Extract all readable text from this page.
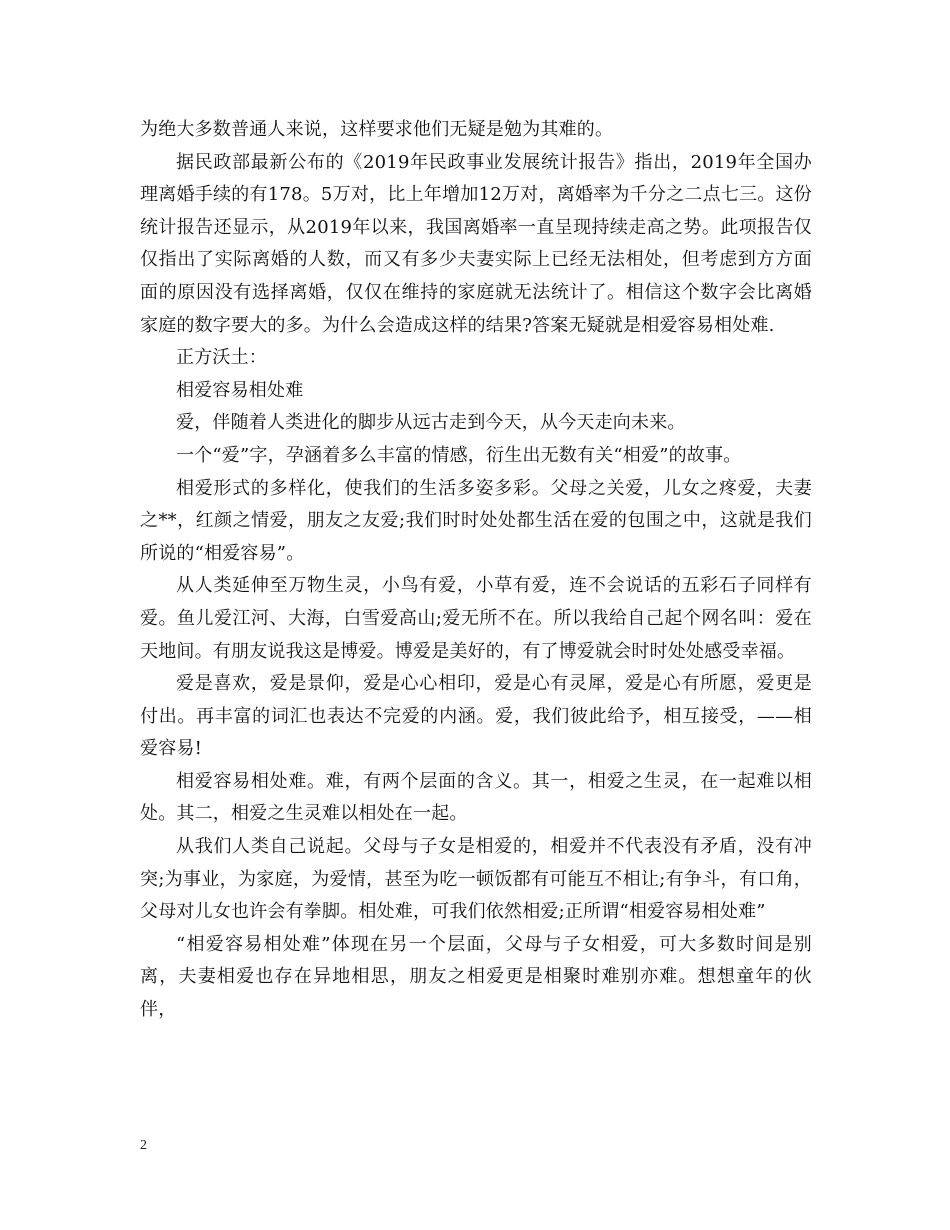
为绝大多数普通人来说，这样要求他们无疑是勉为其难的。

据民政部最新公布的《2019年民政事业发展统计报告》指出，2019年全国办理离婚手续的有178。5万对，比上年增加12万对，离婚率为千分之二点七三。这份统计报告还显示，从2019年以来，我国离婚率一直呈现持续走高之势。此项报告仅仅指出了实际离婚的人数，而又有多少夫妻实际上已经无法相处，但考虑到方方面面的原因没有选择离婚，仅仅在维持的家庭就无法统计了。相信这个数字会比离婚家庭的数字要大的多。为什么会造成这样的结果?答案无疑就是相爱容易相处难.

正方沃土：

相爱容易相处难

爱，伴随着人类进化的脚步从远古走到今天，从今天走向未来。

一个“爱”字，孕涵着多么丰富的情感，衍生出无数有关“相爱”的故事。

相爱形式的多样化，使我们的生活多姿多彩。父母之关爱，儿女之疼爱，夫妻之**，红颜之情爱，朋友之友爱;我们时时处处都生活在爱的包围之中，这就是我们所说的“相爱容易”。

从人类延伸至万物生灵，小鸟有爱，小草有爱，连不会说话的五彩石子同样有爱。鱼儿爱江河、大海，白雪爱高山;爱无所不在。所以我给自己起个网名叫：爱在天地间。有朋友说我这是博爱。博爱是美好的，有了博爱就会时时处处感受幸福。

爱是喜欢，爱是景仰，爱是心心相印，爱是心有灵犀，爱是心有所愿，爱更是付出。再丰富的词汇也表达不完爱的内涵。爱，我们彼此给予，相互接受，——相爱容易!

相爱容易相处难。难，有两个层面的含义。其一，相爱之生灵，在一起难以相处。其二，相爱之生灵难以相处在一起。

从我们人类自己说起。父母与子女是相爱的，相爱并不代表没有矛盾，没有冲突;为事业，为家庭，为爱情，甚至为吃一顿饭都有可能互不相让;有争斗，有口角，父母对儿女也许会有拳脚。相处难，可我们依然相爱;正所谓“相爱容易相处难”

“相爱容易相处难”体现在另一个层面，父母与子女相爱，可大多数时间是别离，夫妻相爱也存在异地相思，朋友之相爱更是相聚时难别亦难。想想童年的伙伴，

2
